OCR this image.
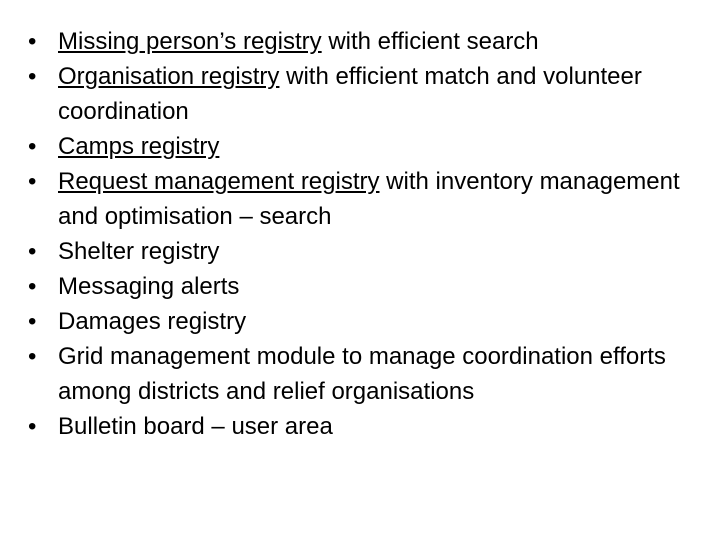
• Missing person’s registry with efficient search
• Organisation registry with efficient match and volunteer coordination
• Camps registry
• Request management registry with inventory management and optimisation – search
• Shelter registry
• Messaging alerts
• Damages registry
• Grid management module to manage coordination efforts among districts and relief organisations
• Bulletin board – user area
